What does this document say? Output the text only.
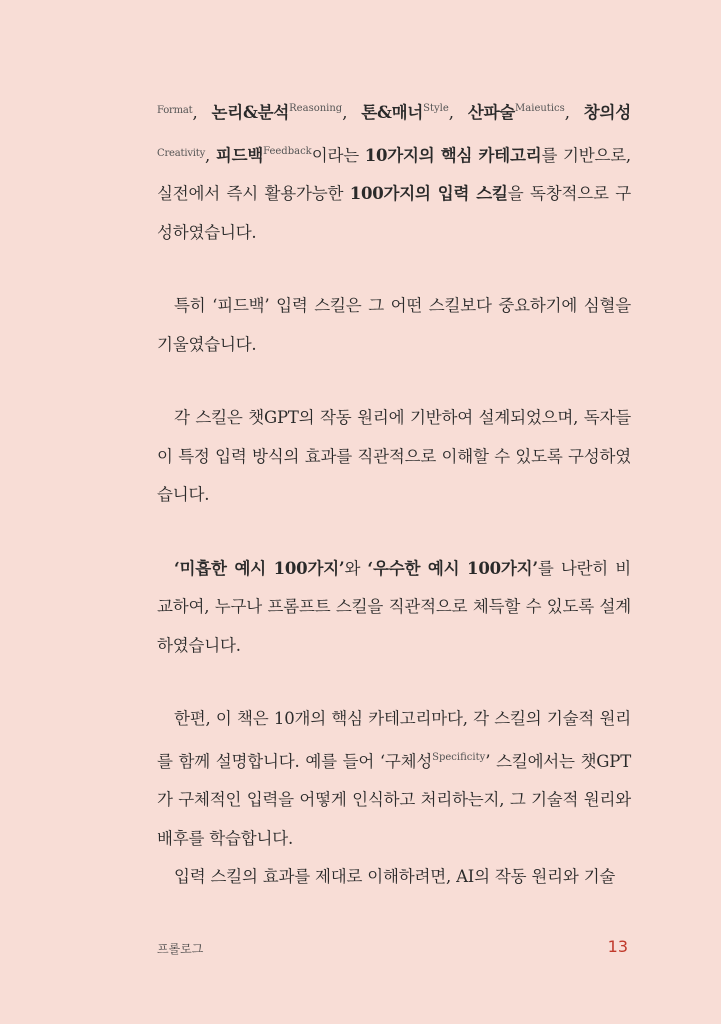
$^{Format}$, 논리&분석$^{Reasoning}$, 톤&매너$^{Style}$, 산파술$^{Maieutics}$, 창의성 $^{Creativity}$, 피드백$^{Feedback}$이라는 10가지의 핵심 카테고리를 기반으로, 실전에서 즉시 활용가능한 100가지의 입력 스킬을 독창적으로 구성하였습니다.

특히 ‘피드백’ 입력 스킬은 그 어떤 스킬보다 중요하기에 심혈을 기울였습니다.

각 스킬은 챗GPT의 작동 원리에 기반하여 설계되었으며, 독자들이 특정 입력 방식의 효과를 직관적으로 이해할 수 있도록 구성하였습니다.

‘미흡한 예시 100가지’와 ‘우수한 예시 100가지’를 나란히 비교하여, 누구나 프롬프트 스킬을 직관적으로 체득할 수 있도록 설계하였습니다.

한편, 이 책은 10개의 핵심 카테고리마다, 각 스킬의 기술적 원리를 함께 설명합니다. 예를 들어 ‘구체성$^{Specificity}$’ 스킬에서는 챗GPT가 구체적인 입력을 어떻게 인식하고 처리하는지, 그 기술적 원리와 배후를 학습합니다.

입력 스킬의 효과를 제대로 이해하려면, AI의 작동 원리와 기술

프롤로그	13
